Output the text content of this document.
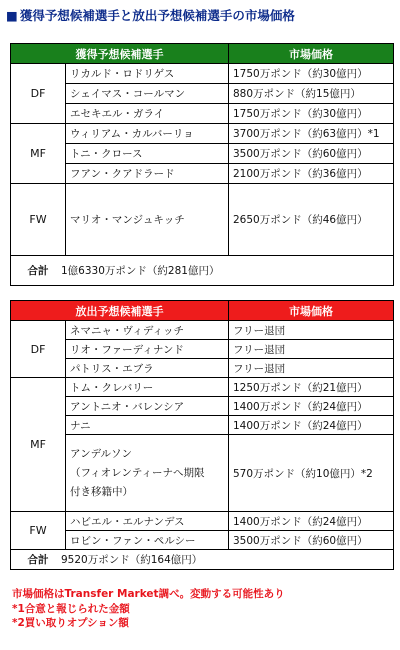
■ 獲得予想候補選手と放出予想候補選手の市場価格
獲得予想候補選手		市場価格
DF	リカルド・ロドリゲス	1750万ポンド（約30億円）
	シェイマス・コールマン	880万ポンド（約15億円）
	エセキエル・ガライ	1750万ポンド（約30億円）
MF	ウィリアム・カルバーリョ	3700万ポンド（約63億円）*1
	トニ・クロース	3500万ポンド（約60億円）
	フアン・クアドラード	2100万ポンド（約36億円）
FW	マリオ・マンジュキッチ	2650万ポンド（約46億円）

合計 1億6330万ポンド（約281億円）		
放出予想候補選手		市場価格
DF	ネマニャ・ヴィディッチ	フリー退団
	リオ・ファーディナンド	フリー退団
	パトリス・エブラ	フリー退団
MF	トム・クレバリー	1250万ポンド（約21億円）
	アントニオ・バレンシア	1400万ポンド（約24億円）
	ナニ	1400万ポンド（約24億円）

	アンデルソン
（フィオレンティーナへ期限
付き移籍中）	570万ポンド（約10億円）*2
FW	ハビエル・エルナンデス	1400万ポンド（約24億円）
	ロビン・ファン・ペルシー	3500万ポンド（約60億円）

合計 9520万ポンド（約164億円）		
市場価格はTransfer Market調べ。変動する可能性あり
*1合意と報じられた金額
*2買い取りオプション額
